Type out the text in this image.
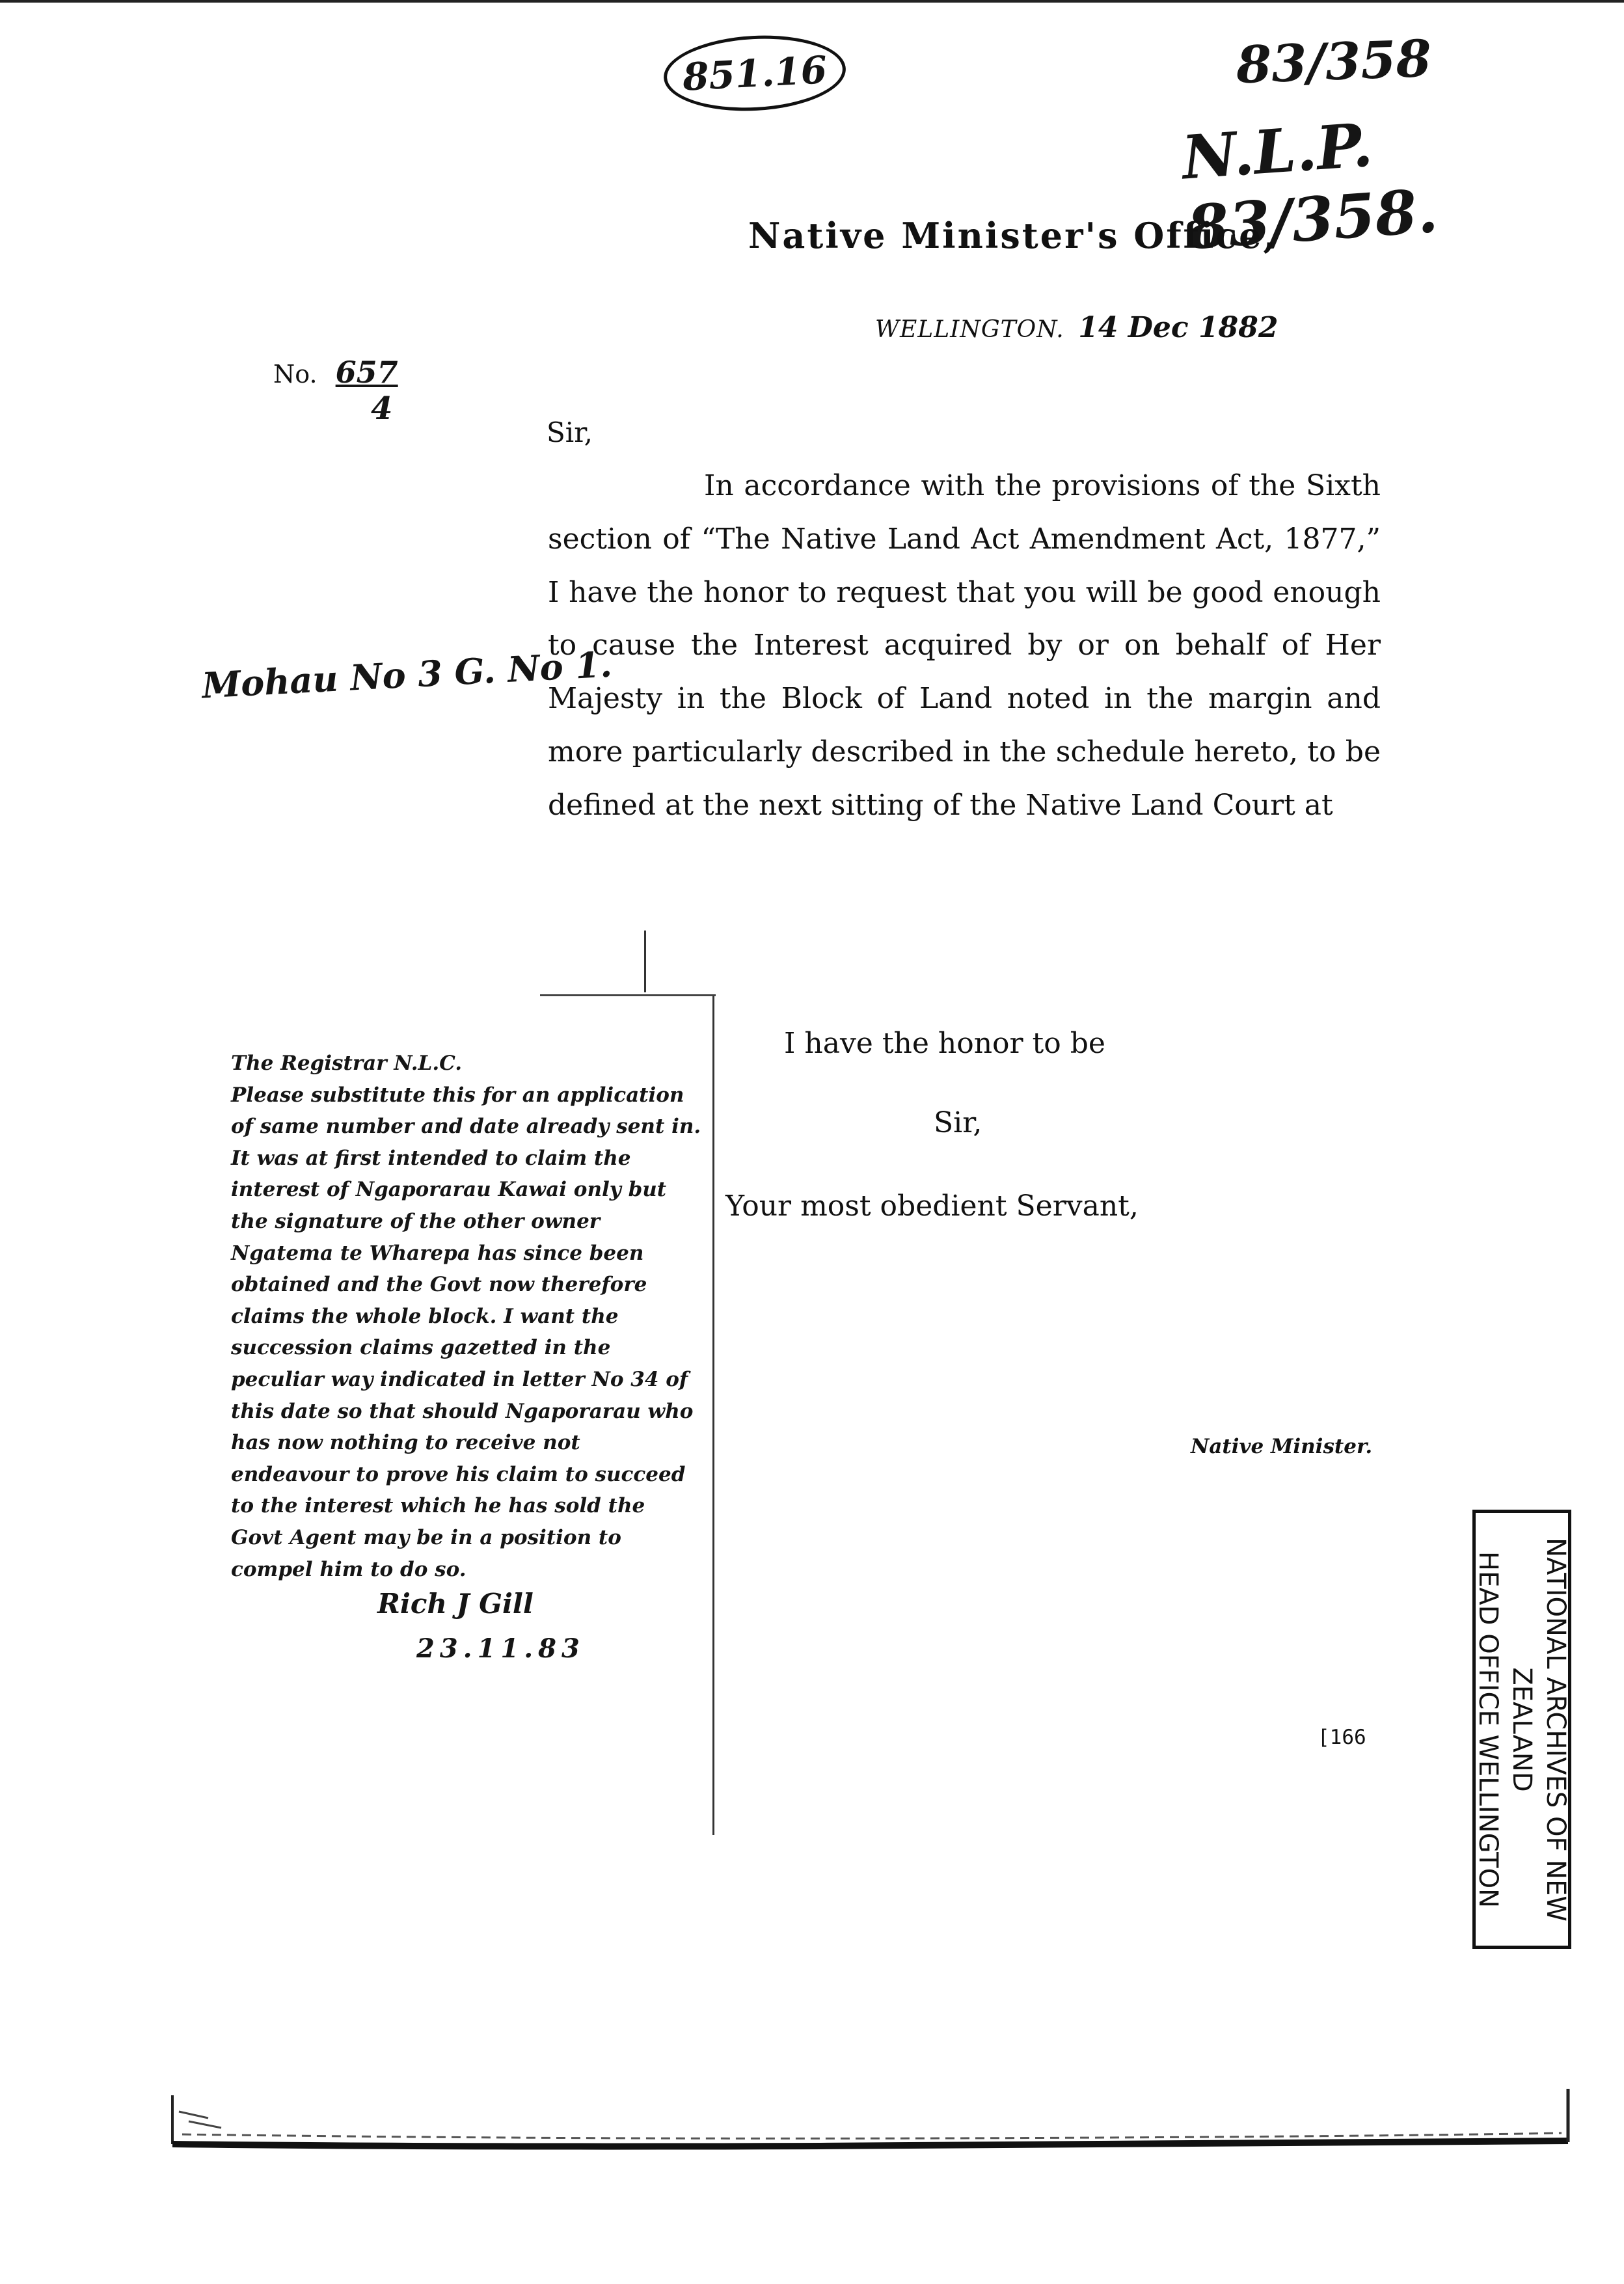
851.16	83/358
N.L.P. 83/358.
Native Minister's Office,
WELLINGTON. 14 Dec 1882
No. 657
4
Sir,
In accordance with the provisions of the Sixth section of “The Native Land Act Amendment Act, 1877,” I have the honor to request that you will be good enough to cause the Interest acquired by or on behalf of Her Majesty in the Block of Land noted in the margin and more particularly described in the schedule hereto, to be defined at the next sitting of the Native Land Court at
Mohau No 3 G. No 1.
I have the honor to be
Sir,
Your most obedient Servant,
Native Minister.
[166
The Registrar N.L.C.
Please substitute this for an application of same number and date already sent in. It was at first intended to claim the interest of Ngaporarau Kawai only but the signature of the other owner Ngatema te Wharepa has since been obtained and the Govt now therefore claims the whole block. I want the succession claims gazetted in the peculiar way indicated in letter No 34 of this date so that should Ngaporarau who has now nothing to receive not endeavour to prove his claim to succeed to the interest which he has sold the Govt Agent may be in a position to compel him to do so.
Rich J Gill
23.11.83	NATIONAL ARCHIVES OF NEW ZEALAND
HEAD OFFICE WELLINGTON
